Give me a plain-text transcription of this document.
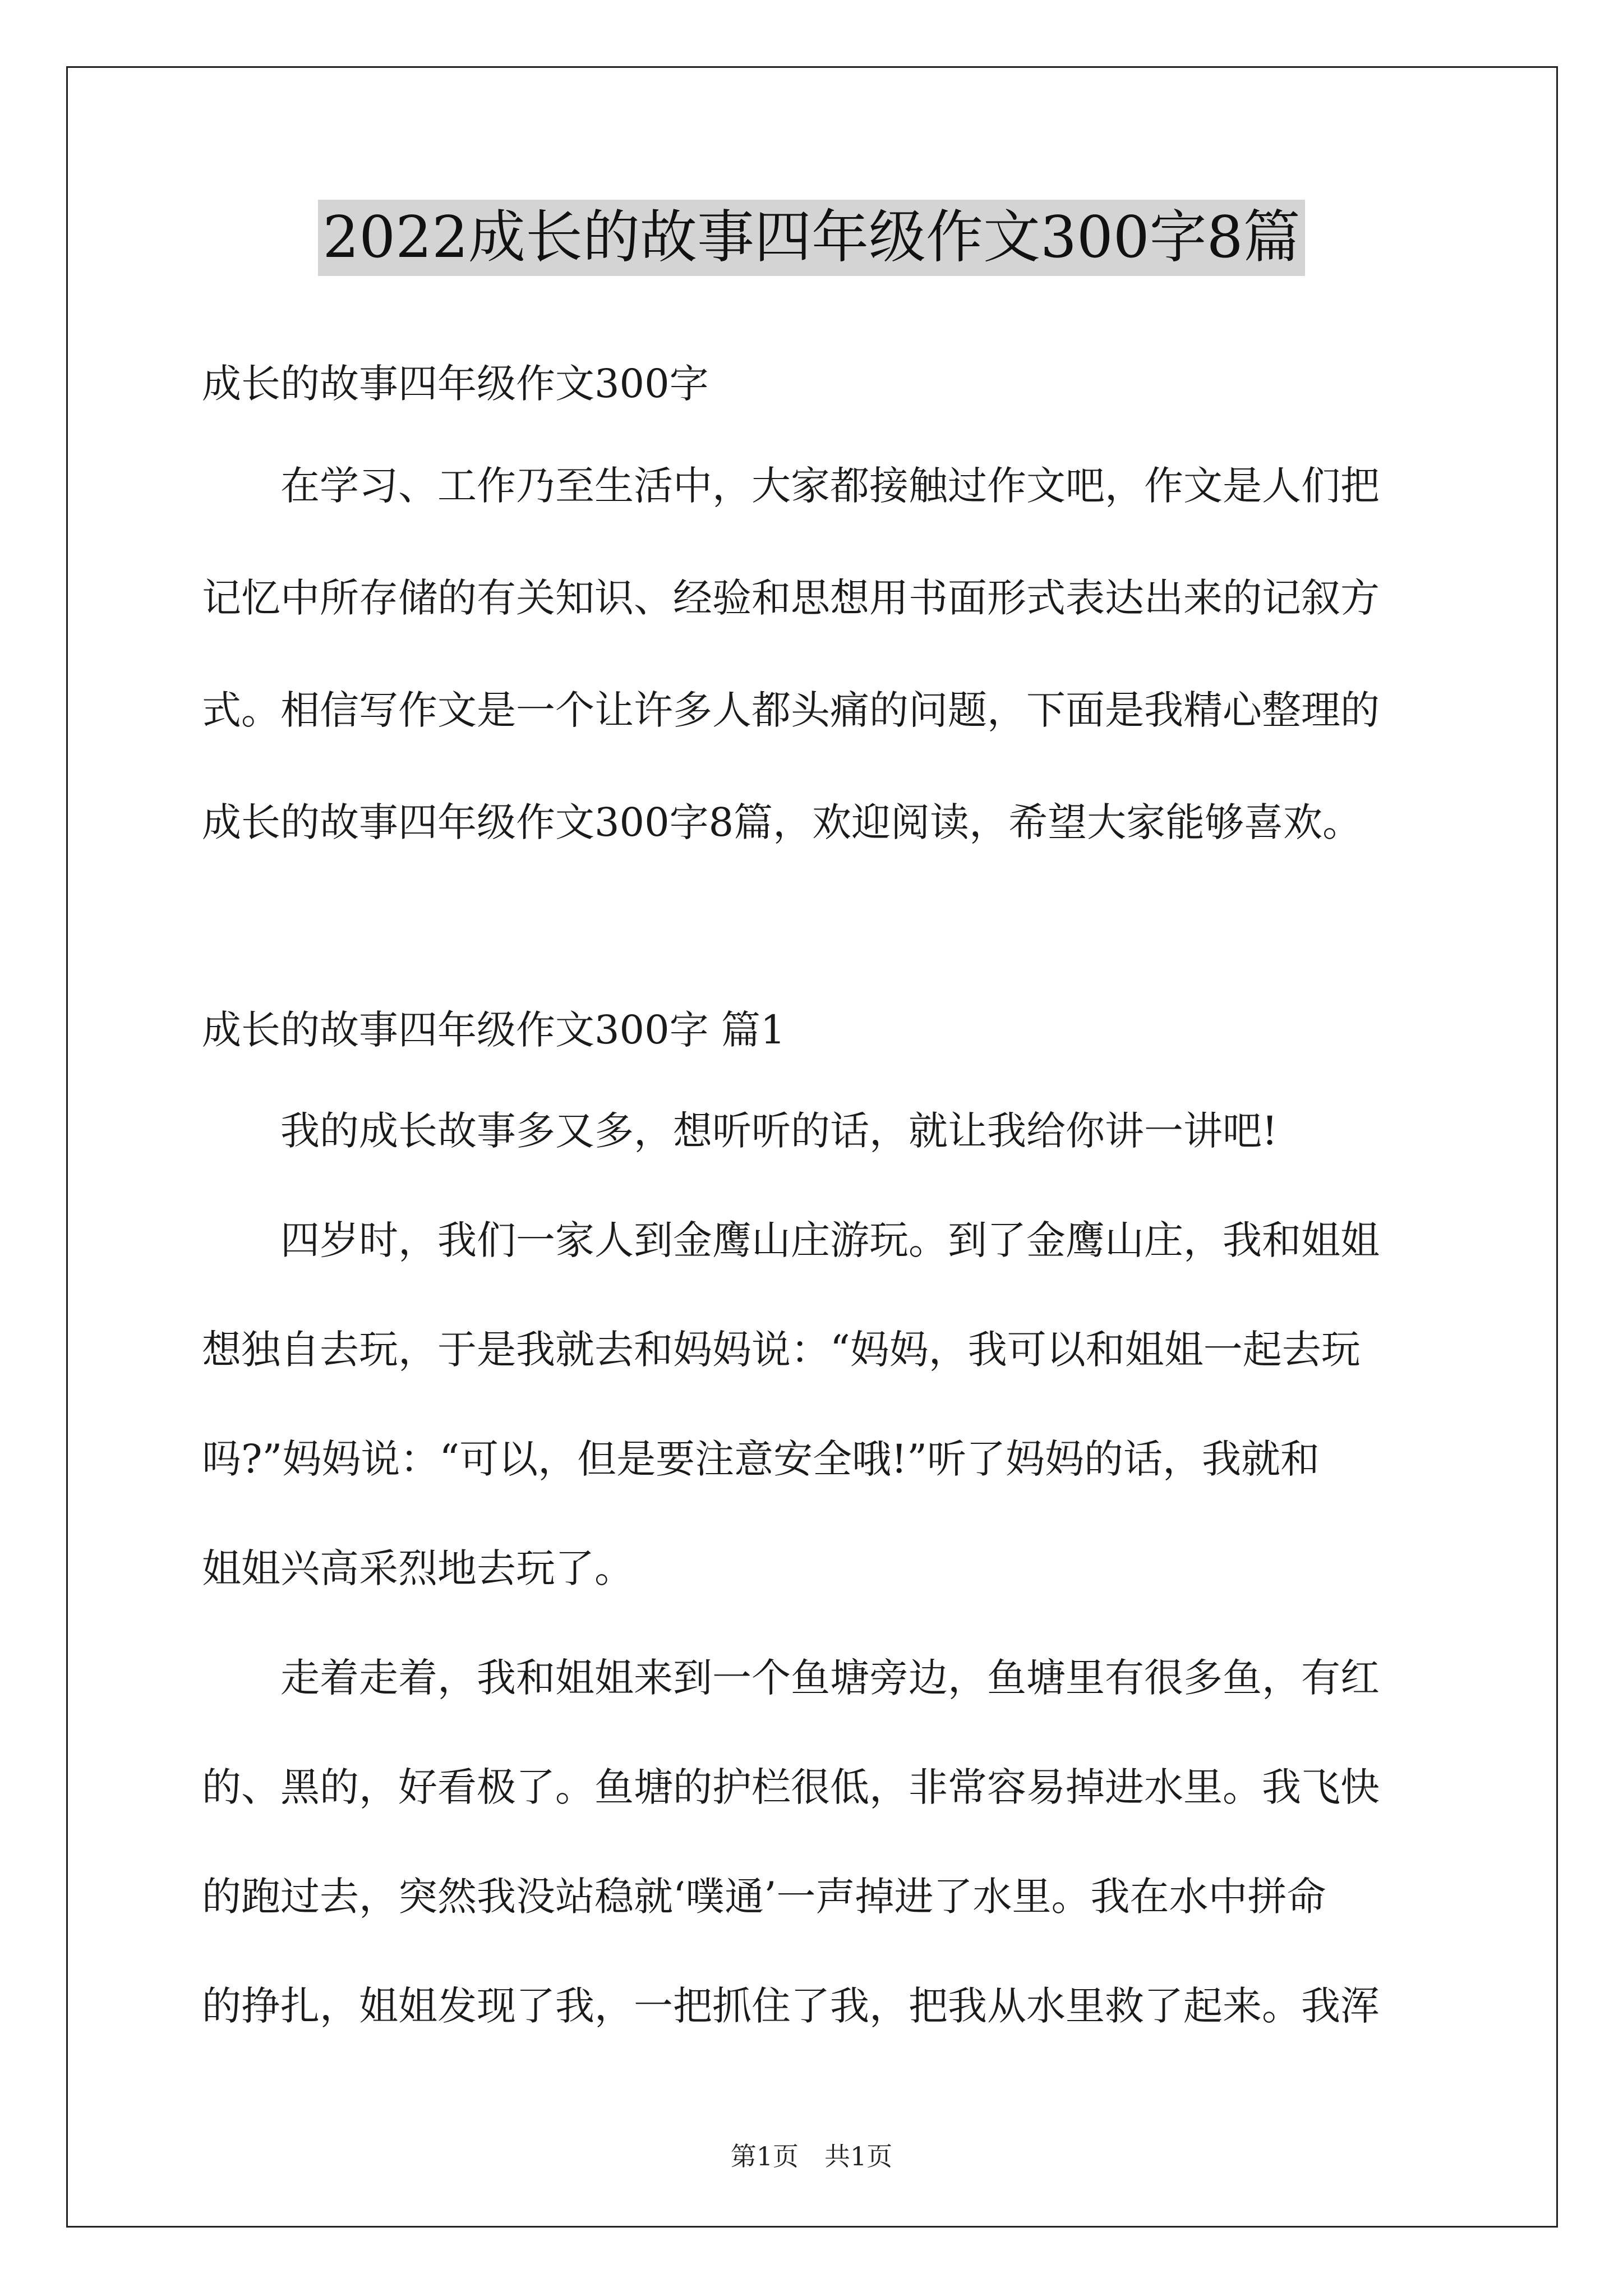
2022成长的故事四年级作文300字8篇
成长的故事四年级作文300字
　　在学习、工作乃至生活中，大家都接触过作文吧，作文是人们把
记忆中所存储的有关知识、经验和思想用书面形式表达出来的记叙方
式。相信写作文是一个让许多人都头痛的问题，下面是我精心整理的
成长的故事四年级作文300字8篇，欢迎阅读，希望大家能够喜欢。
成长的故事四年级作文300字 篇1
　　我的成长故事多又多，想听听的话，就让我给你讲一讲吧!
　　四岁时，我们一家人到金鹰山庄游玩。到了金鹰山庄，我和姐姐
想独自去玩，于是我就去和妈妈说：“妈妈，我可以和姐姐一起去玩
吗?”妈妈说：“可以，但是要注意安全哦!”听了妈妈的话，我就和
姐姐兴高采烈地去玩了。
　　走着走着，我和姐姐来到一个鱼塘旁边，鱼塘里有很多鱼，有红
的、黑的，好看极了。鱼塘的护栏很低，非常容易掉进水里。我飞快
的跑过去，突然我没站稳就‘噗通’一声掉进了水里。我在水中拼命
的挣扎，姐姐发现了我，一把抓住了我，把我从水里救了起来。我浑
第1页　共1页
